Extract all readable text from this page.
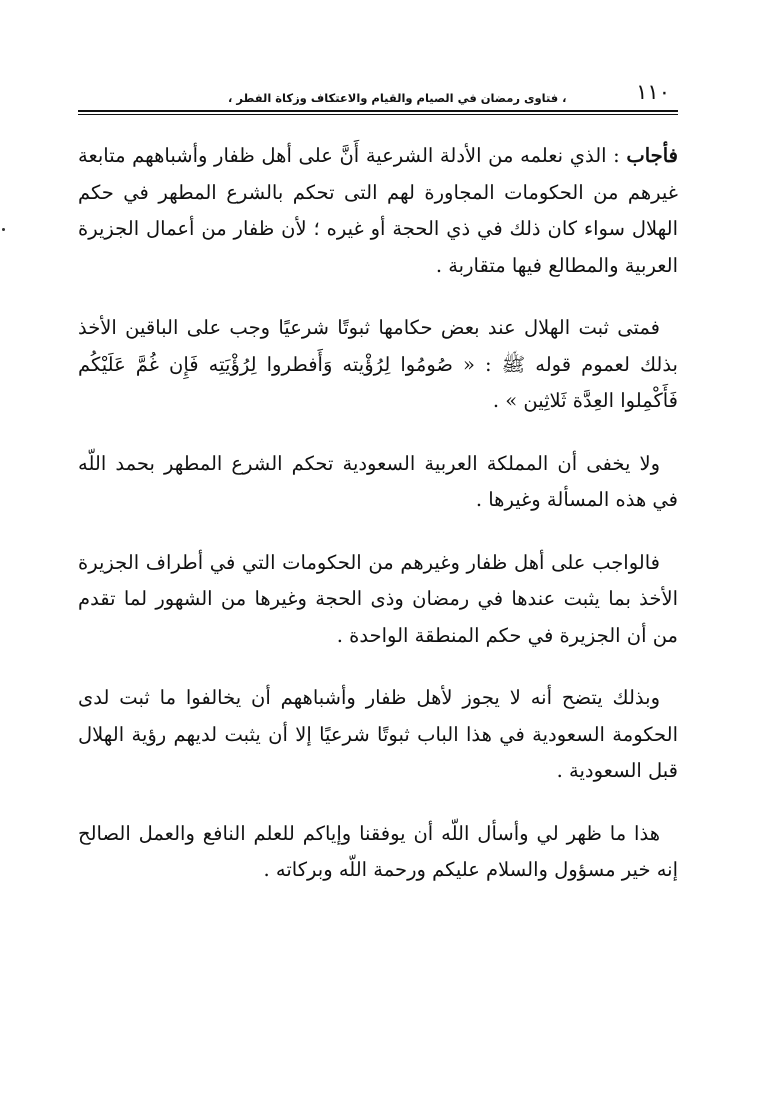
١١٠
، فتاوى رمضان في الصيام والقيام والاعتكاف وزكاة الفطر ،

فأجاب : الذي نعلمه من الأدلة الشرعية أَنَّ على أهل ظفار وأشباههم متابعة غيرهم من الحكومات المجاورة لهم التى تحكم بالشرع المطهر في حكم الهلال سواء كان ذلك في ذي الحجة أو غيره ؛ لأن ظفار من أعمال الجزيرة العربية والمطالع فيها متقاربة .

فمتى ثبت الهلال عند بعض حكامها ثبوتًا شرعيًا وجب على الباقين الأخذ بذلك لعموم قوله ﷺ : « صُومُوا لِرُؤْيته وَأَفطروا لِرُؤْيَتِه فَإِن غُمَّ عَلَيْكُم فَأَكْمِلوا العِدَّة ثَلاثِين » .

ولا يخفى أن المملكة العربية السعودية تحكم الشرع المطهر بحمد اللّه في هذه المسألة وغيرها .

فالواجب على أهل ظفار وغيرهم من الحكومات التي في أطراف الجزيرة الأخذ بما يثبت عندها في رمضان وذى الحجة وغيرها من الشهور لما تقدم من أن الجزيرة في حكم المنطقة الواحدة .

وبذلك يتضح أنه لا يجوز لأهل ظفار وأشباههم أن يخالفوا ما ثبت لدى الحكومة السعودية في هذا الباب ثبوتًا شرعيًا إلا أن يثبت لديهم رؤية الهلال قبل السعودية .

هذا ما ظهر لي وأسأل اللّه أن يوفقنا وإياكم للعلم النافع والعمل الصالح إنه خير مسؤول والسلام عليكم ورحمة اللّه وبركاته .
